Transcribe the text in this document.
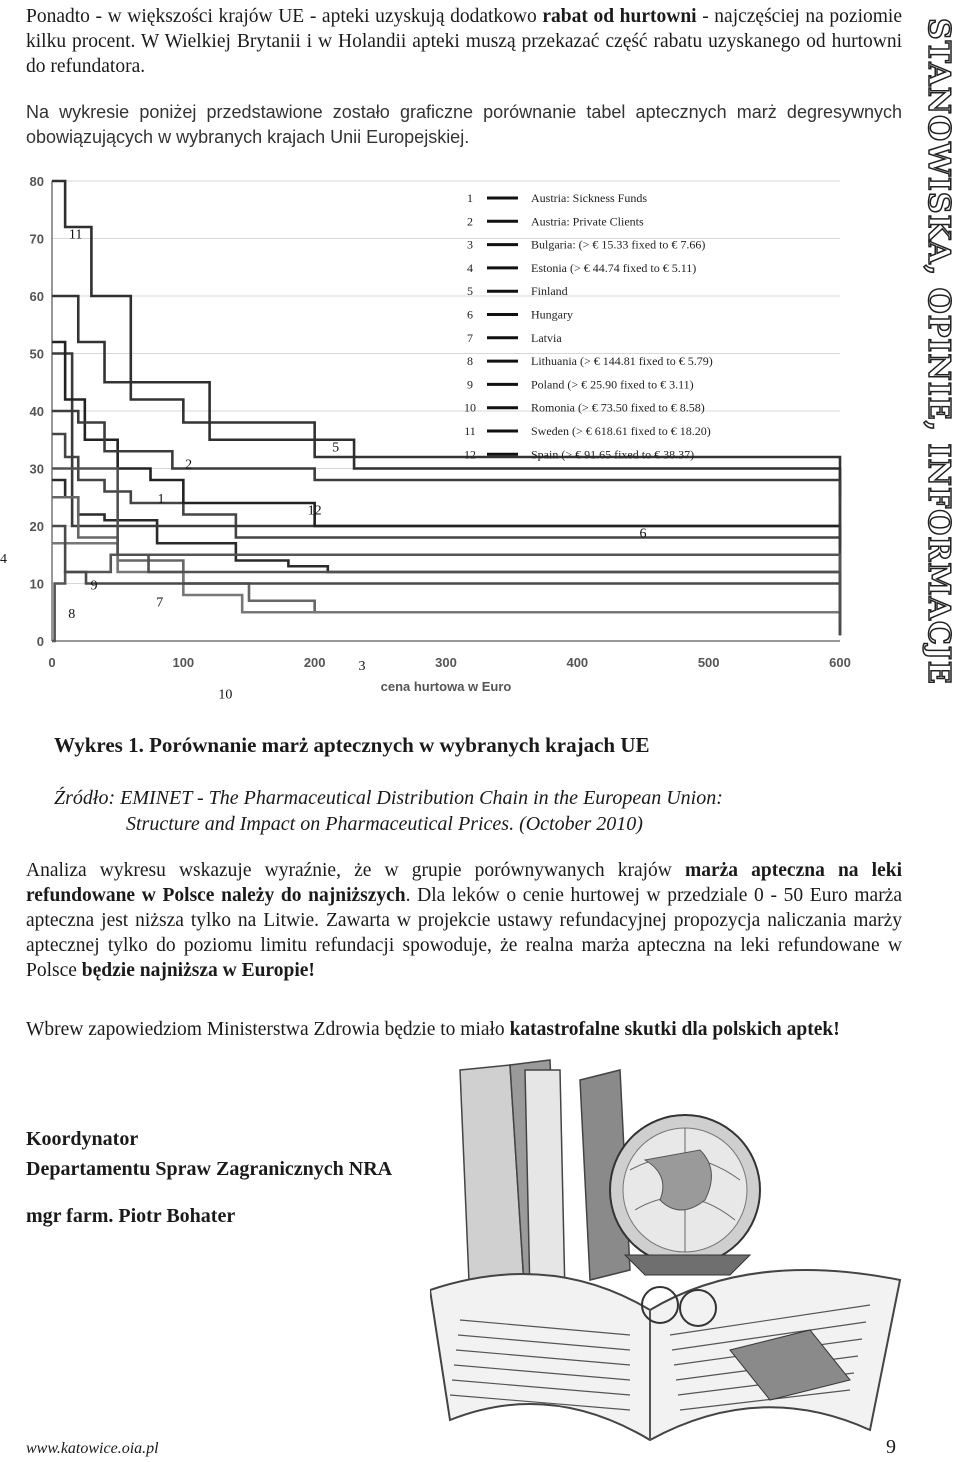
Ponadto - w większości krajów UE - apteki uzyskują dodatkowo rabat od hurtowni - najczęściej na poziomie kilku procent. W Wielkiej Brytanii i w Holandii apteki muszą przekazać część rabatu uzyskanego od hurtowni do refundatora.

Na wykresie poniżej przedstawione zostało graficzne porównanie tabel aptecznych marż degresywnych obowiązujących w wybranych krajach Unii Europejskiej.

0
10
20
30
40
50
60
70
80
0	100	200	300	400	500	600
cena hurtowa w Euro
11
2
1
5
12
6
9
8
7
3
10
1	Austria: Sickness Funds
2	Austria: Private Clients
3	Bulgaria: (> € 15.33 fixed to € 7.66)
4	Estonia (> € 44.74 fixed to € 5.11)
5	Finland
6	Hungary
7	Latvia
8	Lithuania (> € 144.81 fixed to € 5.79)
9	Poland (> € 25.90 fixed to € 3.11)
10	Romonia (> € 73.50 fixed to € 8.58)
11	Sweden (> € 618.61 fixed to € 18.20)
12	Spain (> € 91.65 fixed to € 38.37)

Wykres 1. Porównanie marż aptecznych w wybranych krajach UE

Źródło: EMINET - The Pharmaceutical Distribution Chain in the European Union:
Structure and Impact on Pharmaceutical Prices. (October 2010)

Analiza wykresu wskazuje wyraźnie, że w grupie porównywanych krajów marża apteczna na leki refundowane w Polsce należy do najniższych. Dla leków o cenie hurtowej w przedziale 0 - 50 Euro marża apteczna jest niższa tylko na Litwie. Zawarta w projekcie ustawy refundacyjnej propozycja naliczania marży aptecznej tylko do poziomu limitu refundacji spowoduje, że realna marża apteczna na leki refundowane w Polsce będzie najniższa w Europie!

Wbrew zapowiedziom Ministerstwa Zdrowia będzie to miało katastrofalne skutki dla polskich aptek!

Koordynator
Departamentu Spraw Zagranicznych NRA

mgr farm. Piotr Bohater

STANOWISKA, OPINIE, INFORMACJE
4
www.katowice.oia.pl	9
